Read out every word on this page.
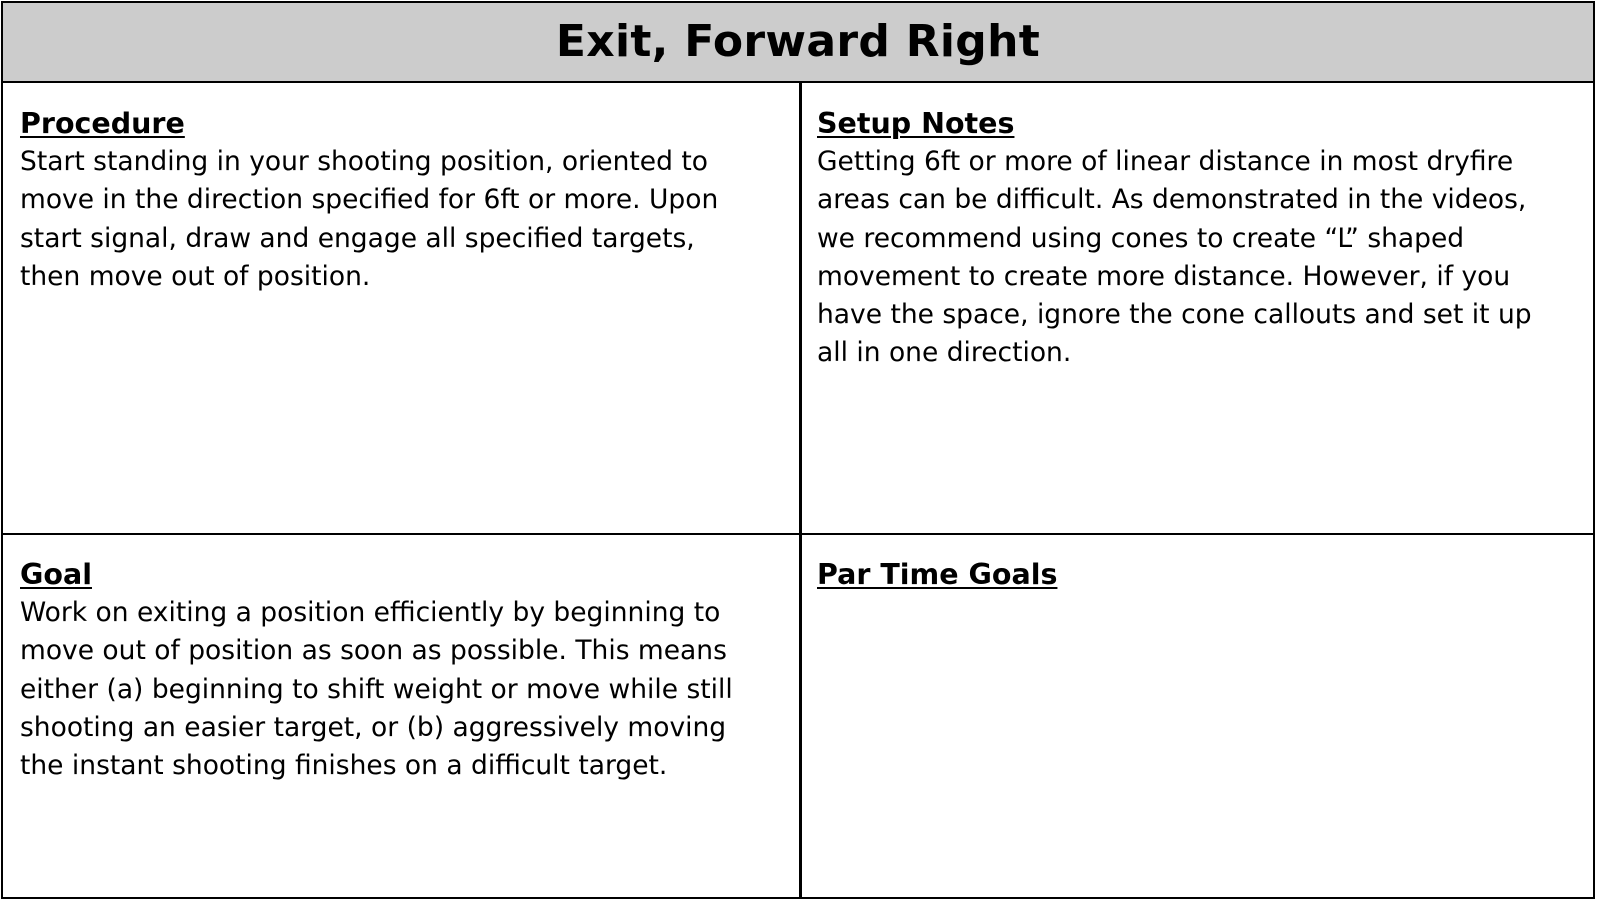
Exit, Forward Right
Procedure
Start standing in your shooting position, oriented to
move in the direction specified for 6ft or more. Upon
start signal, draw and engage all specified targets,
then move out of position.
Setup Notes
Getting 6ft or more of linear distance in most dryfire
areas can be difficult. As demonstrated in the videos,
we recommend using cones to create “L” shaped
movement to create more distance. However, if you
have the space, ignore the cone callouts and set it up
all in one direction.
Goal
Work on exiting a position efficiently by beginning to
move out of position as soon as possible. This means
either (a) beginning to shift weight or move while still
shooting an easier target, or (b) aggressively moving
the instant shooting finishes on a difficult target.
Par Time Goals
